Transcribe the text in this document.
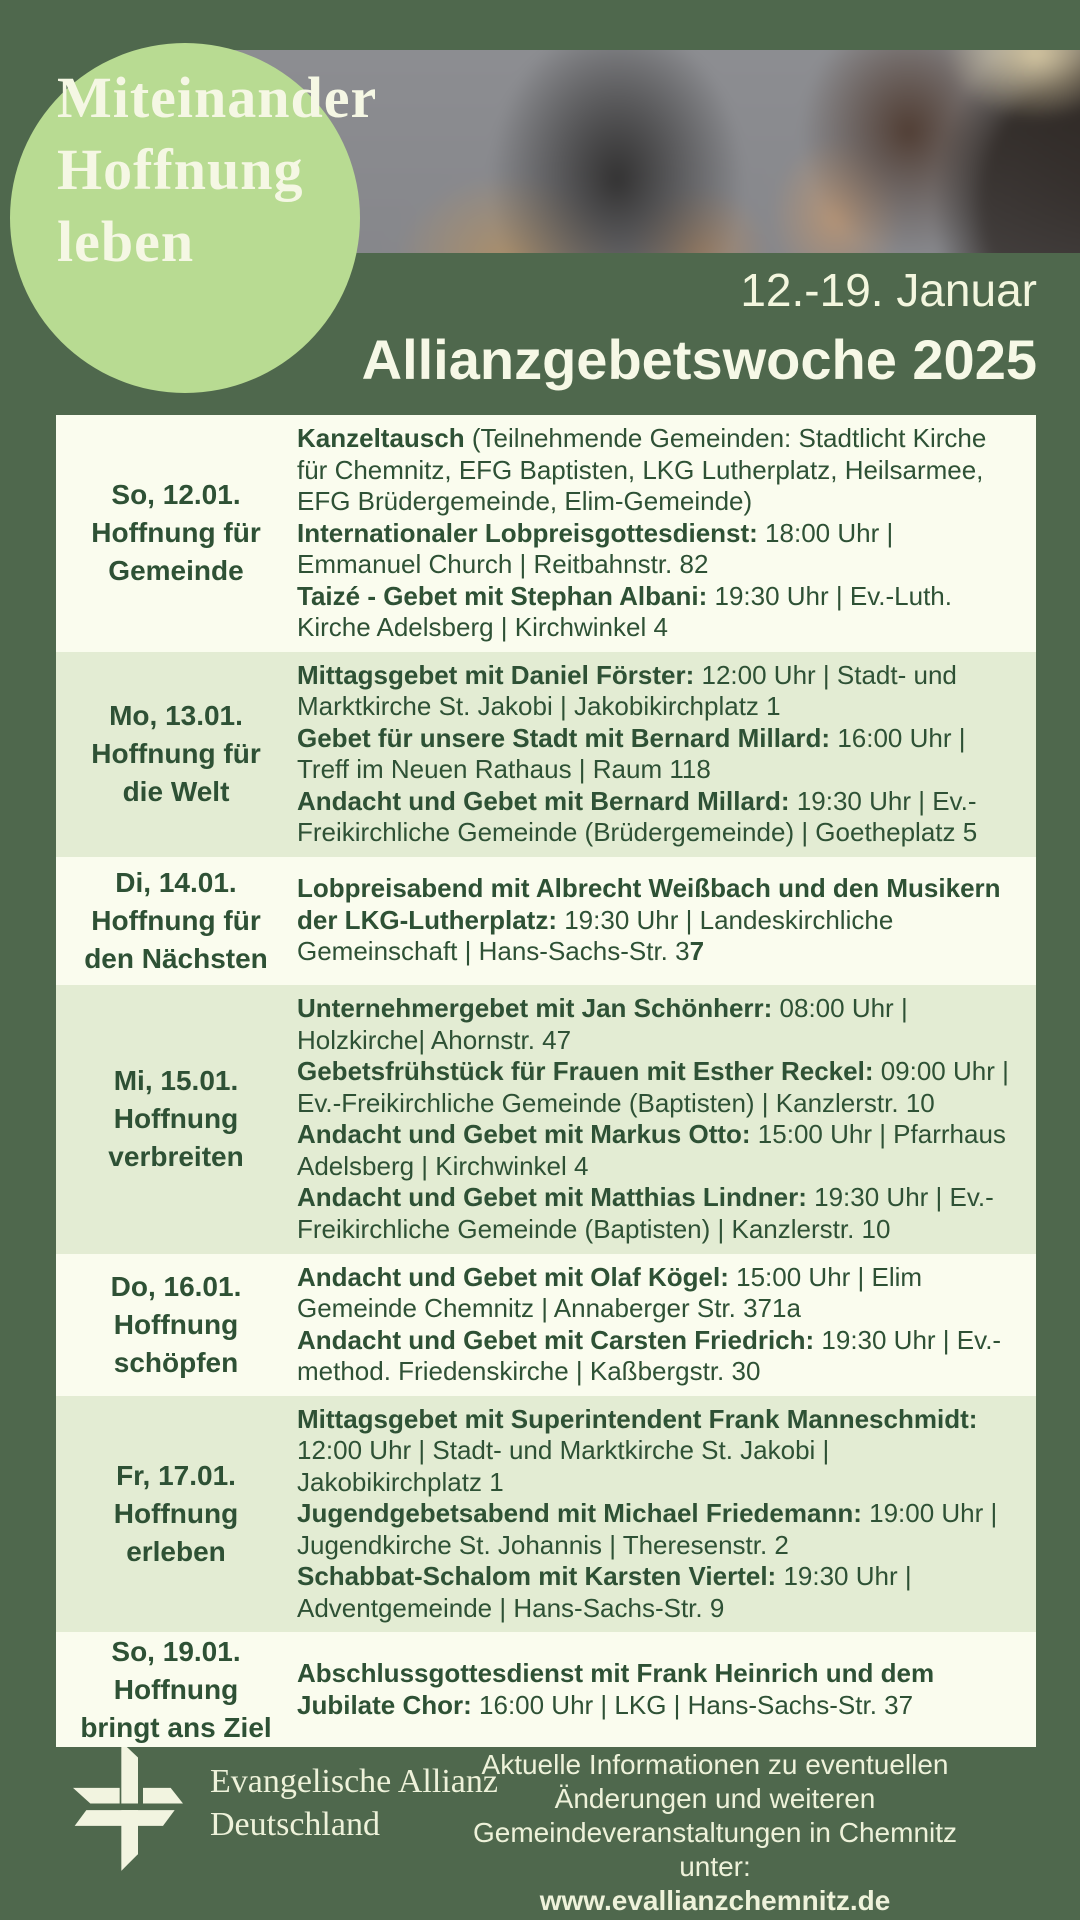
Miteinander
Hoffnung
leben
12.-19. Januar
Allianzgebetswoche 2025
So, 12.01.
Hoffnung für Gemeinde

Kanzeltausch (Teilnehmende Gemeinden: Stadtlicht Kirche für Chemnitz, EFG Baptisten, LKG Lutherplatz, Heilsarmee, EFG Brüdergemeinde, Elim-Gemeinde)

Internationaler Lobpreisgottesdienst: 18:00 Uhr | Emmanuel Church | Reitbahnstr. 82

Taizé - Gebet mit Stephan Albani: 19:30 Uhr | Ev.-Luth. Kirche Adelsberg | Kirchwinkel 4

Mo, 13.01.
Hoffnung für die Welt

Mittagsgebet mit Daniel Förster: 12:00 Uhr | Stadt- und Marktkirche St. Jakobi | Jakobikirchplatz 1

Gebet für unsere Stadt mit Bernard Millard: 16:00 Uhr | Treff im Neuen Rathaus | Raum 118

Andacht und Gebet mit Bernard Millard: 19:30 Uhr | Ev.-Freikirchliche Gemeinde (Brüdergemeinde) | Goetheplatz 5

Di, 14.01.
Hoffnung für den Nächsten

Lobpreisabend mit Albrecht Weißbach und den Musikern der LKG-Lutherplatz: 19:30 Uhr | Landeskirchliche Gemeinschaft | Hans-Sachs-Str. 37

Mi, 15.01.
Hoffnung verbreiten

Unternehmergebet mit Jan Schönherr: 08:00 Uhr | Holzkirche| Ahornstr. 47

Gebetsfrühstück für Frauen mit Esther Reckel: 09:00 Uhr | Ev.-Freikirchliche Gemeinde (Baptisten) | Kanzlerstr. 10

Andacht und Gebet mit Markus Otto: 15:00 Uhr | Pfarrhaus Adelsberg | Kirchwinkel 4

Andacht und Gebet mit Matthias Lindner: 19:30 Uhr | Ev.-Freikirchliche Gemeinde (Baptisten) | Kanzlerstr. 10

Do, 16.01.
Hoffnung schöpfen

Andacht und Gebet mit Olaf Kögel: 15:00 Uhr | Elim Gemeinde Chemnitz | Annaberger Str. 371a

Andacht und Gebet mit Carsten Friedrich: 19:30 Uhr | Ev.-method. Friedenskirche | Kaßbergstr. 30

Fr, 17.01.
Hoffnung erleben

Mittagsgebet mit Superintendent Frank Manneschmidt: 12:00 Uhr | Stadt- und Marktkirche St. Jakobi | Jakobikirchplatz 1

Jugendgebetsabend mit Michael Friedemann: 19:00 Uhr | Jugendkirche St. Johannis | Theresenstr. 2

Schabbat-Schalom mit Karsten Viertel: 19:30 Uhr | Adventgemeinde | Hans-Sachs-Str. 9

So, 19.01.
Hoffnung bringt ans Ziel

Abschlussgottesdienst mit Frank Heinrich und dem Jubilate Chor: 16:00 Uhr | LKG | Hans-Sachs-Str. 37

Evangelische Allianz
Deutschland
Aktuelle Informationen zu eventuellen
Änderungen und weiteren
Gemeindeveranstaltungen in Chemnitz unter:
www.evallianzchemnitz.de
